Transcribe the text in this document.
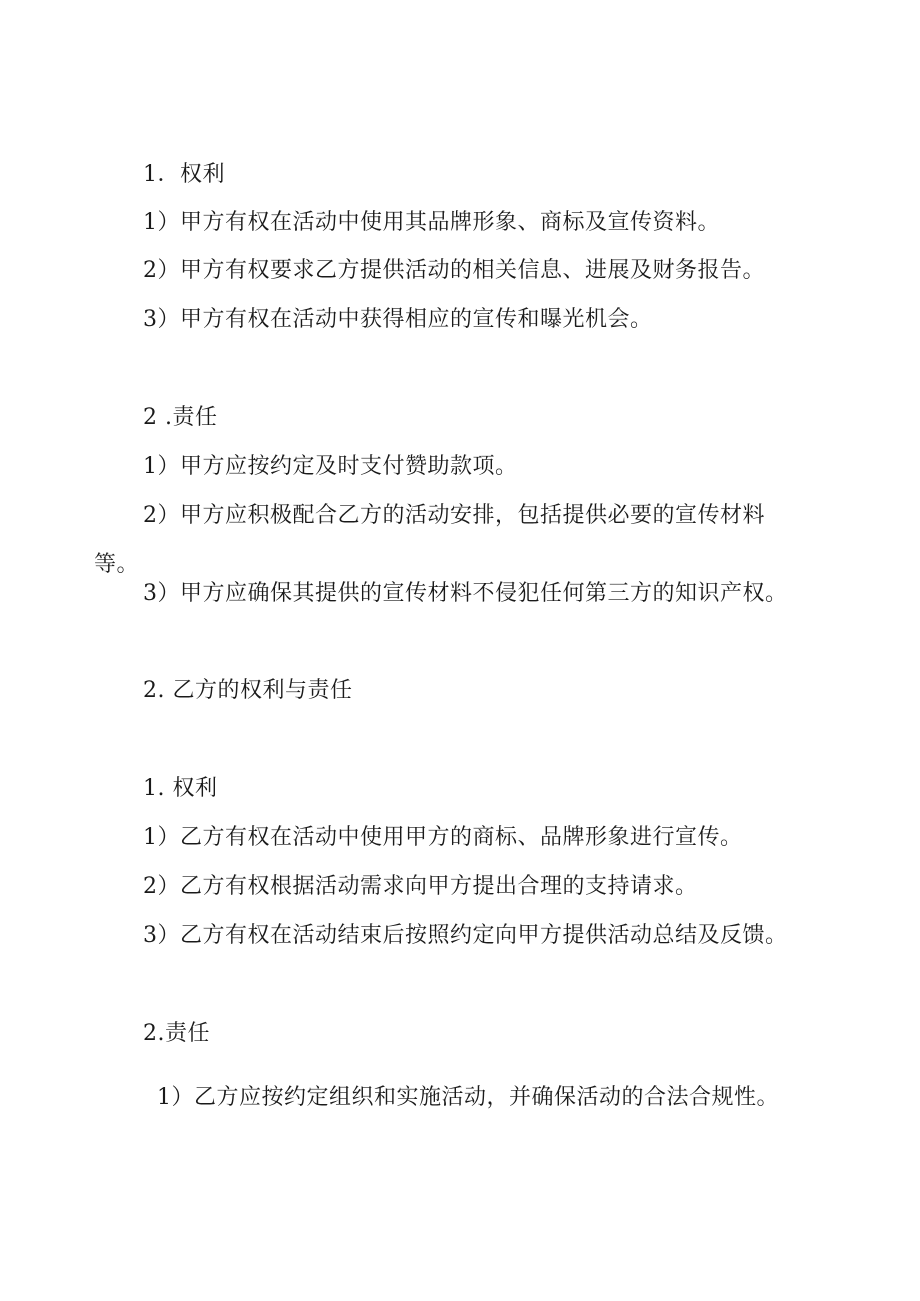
1．权利
1）甲方有权在活动中使用其品牌形象、商标及宣传资料。
2）甲方有权要求乙方提供活动的相关信息、进展及财务报告。
3）甲方有权在活动中获得相应的宣传和曝光机会。
2 .责任
1）甲方应按约定及时支付赞助款项。
2）甲方应积极配合乙方的活动安排，包括提供必要的宣传材料
等。
3）甲方应确保其提供的宣传材料不侵犯任何第三方的知识产权。
2. 乙方的权利与责任
1. 权利
1）乙方有权在活动中使用甲方的商标、品牌形象进行宣传。
2）乙方有权根据活动需求向甲方提出合理的支持请求。
3）乙方有权在活动结束后按照约定向甲方提供活动总结及反馈。
2.责任
1）乙方应按约定组织和实施活动，并确保活动的合法合规性。
